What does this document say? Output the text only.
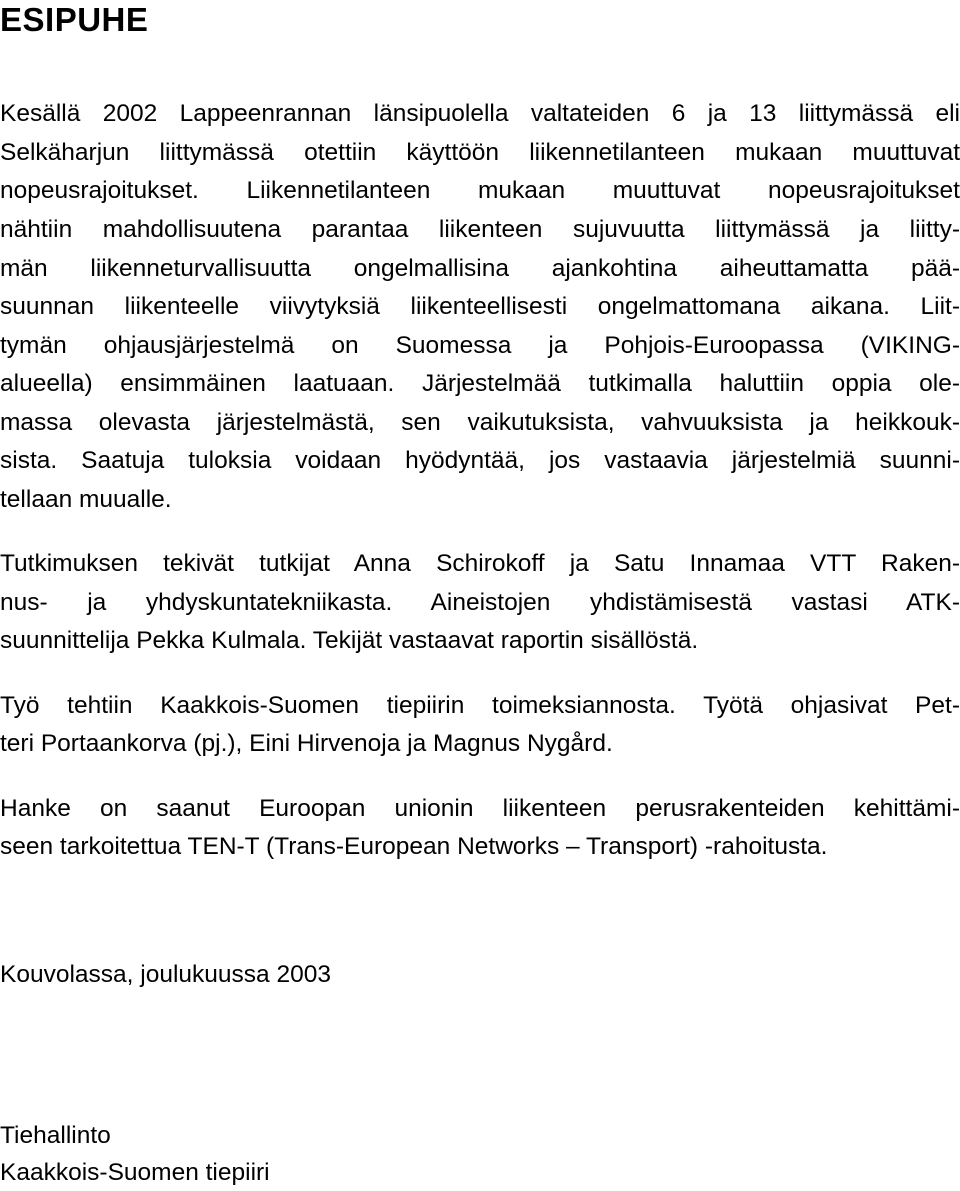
ESIPUHE
Kesällä 2002 Lappeenrannan länsipuolella valtateiden 6 ja 13 liittymässä eli
Selkäharjun liittymässä otettiin käyttöön liikennetilanteen mukaan muuttuvat
nopeusrajoitukset. Liikennetilanteen mukaan muuttuvat nopeusrajoitukset
nähtiin mahdollisuutena parantaa liikenteen sujuvuutta liittymässä ja liitty-
män liikenneturvallisuutta ongelmallisina ajankohtina aiheuttamatta pää-
suunnan liikenteelle viivytyksiä liikenteellisesti ongelmattomana aikana. Liit-
tymän ohjausjärjestelmä on Suomessa ja Pohjois-Euroopassa (VIKING-
alueella) ensimmäinen laatuaan. Järjestelmää tutkimalla haluttiin oppia ole-
massa olevasta järjestelmästä, sen vaikutuksista, vahvuuksista ja heikkouk-
sista. Saatuja tuloksia voidaan hyödyntää, jos vastaavia järjestelmiä suunni-
tellaan muualle.
Tutkimuksen tekivät tutkijat Anna Schirokoff ja Satu Innamaa VTT Raken-
nus- ja yhdyskuntatekniikasta. Aineistojen yhdistämisestä vastasi ATK-
suunnittelija Pekka Kulmala. Tekijät vastaavat raportin sisällöstä.
Työ tehtiin Kaakkois-Suomen tiepiirin toimeksiannosta. Työtä ohjasivat Pet-
teri Portaankorva (pj.), Eini Hirvenoja ja Magnus Nygård.
Hanke on saanut Euroopan unionin liikenteen perusrakenteiden kehittämi-
seen tarkoitettua TEN-T (Trans-European Networks – Transport) -rahoitusta.
Kouvolassa, joulukuussa 2003
Tiehallinto
Kaakkois-Suomen tiepiiri
